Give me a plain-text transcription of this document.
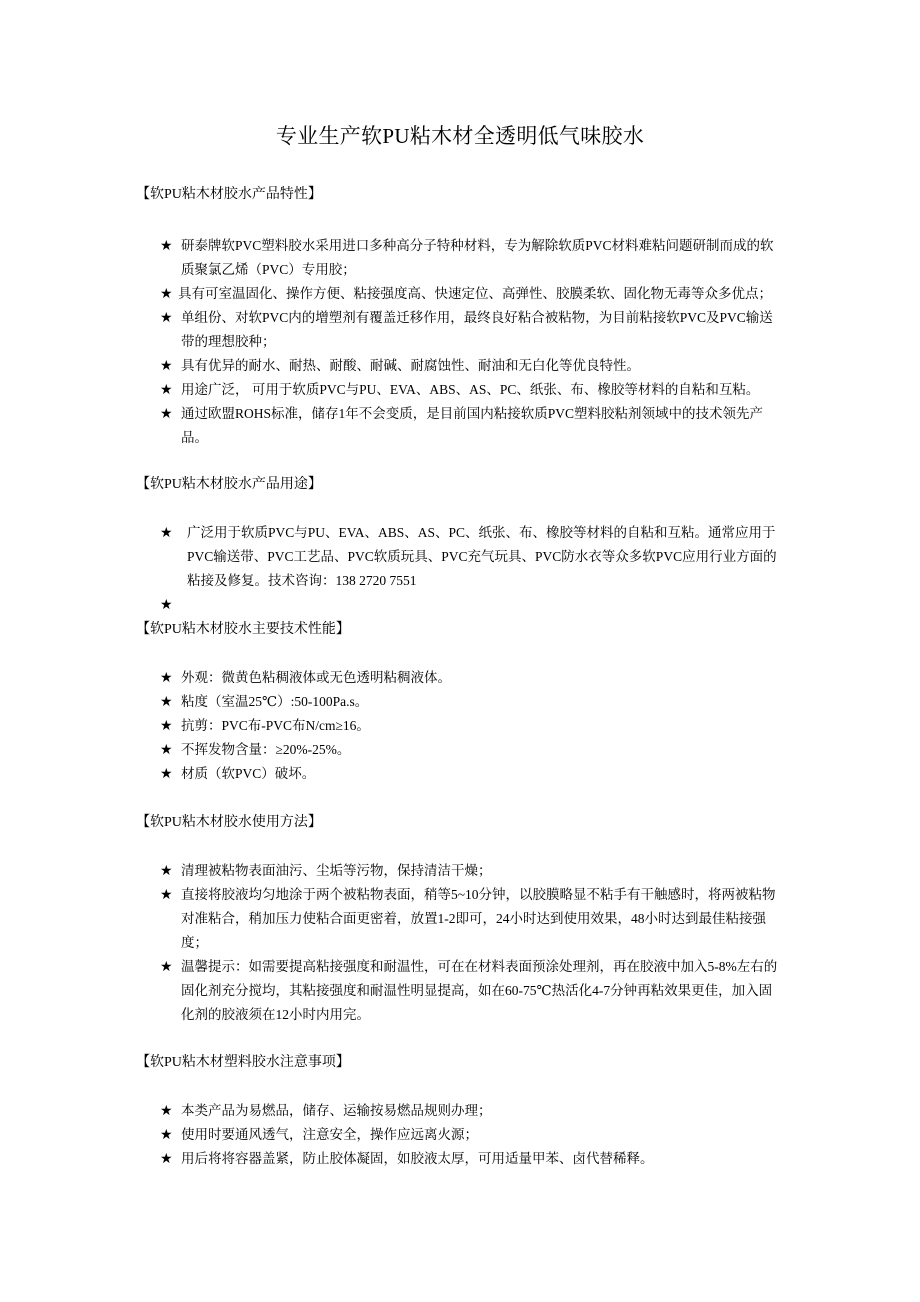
专业生产软PU粘木材全透明低气味胶水
【软PU粘木材胶水产品特性】
★ 研泰牌软PVC塑料胶水采用进口多种高分子特种材料，专为解除软质PVC材料难粘问题研制而成的软质聚氯乙烯（PVC）专用胶；
★ 具有可室温固化、操作方便、粘接强度高、快速定位、高弹性、胶膜柔软、固化物无毒等众多优点；
★ 单组份、对软PVC内的增塑剂有覆盖迁移作用，最终良好粘合被粘物，为目前粘接软PVC及PVC输送带的理想胶种；
★ 具有优异的耐水、耐热、耐酸、耐碱、耐腐蚀性、耐油和无白化等优良特性。
★ 用途广泛， 可用于软质PVC与PU、EVA、ABS、AS、PC、纸张、布、橡胶等材料的自粘和互粘。
★ 通过欧盟ROHS标准，储存1年不会变质，是目前国内粘接软质PVC塑料胶粘剂领域中的技术领先产品。
【软PU粘木材胶水产品用途】
★ 广泛用于软质PVC与PU、EVA、ABS、AS、PC、纸张、布、橡胶等材料的自粘和互粘。通常应用于PVC输送带、PVC工艺品、PVC软质玩具、PVC充气玩具、PVC防水衣等众多软PVC应用行业方面的粘接及修复。技术咨询：138 2720 7551
★
【软PU粘木材胶水主要技术性能】
★ 外观：微黄色粘稠液体或无色透明粘稠液体。
★ 粘度（室温25℃）:50-100Pa.s。
★ 抗剪：PVC布-PVC布N/cm≥16。
★ 不挥发物含量：≥20%-25%。
★ 材质（软PVC）破坏。
【软PU粘木材胶水使用方法】
★ 清理被粘物表面油污、尘垢等污物，保持清洁干燥；
★ 直接将胶液均匀地涂于两个被粘物表面，稍等5~10分钟，以胶膜略显不粘手有干触感时，将两被粘物对准粘合，稍加压力使粘合面更密着，放置1-2即可，24小时达到使用效果，48小时达到最佳粘接强度；
★ 温馨提示：如需要提高粘接强度和耐温性，可在在材料表面预涂处理剂，再在胶液中加入5-8%左右的固化剂充分搅均，其粘接强度和耐温性明显提高，如在60-75℃热活化4-7分钟再粘效果更佳，加入固化剂的胶液须在12小时内用完。
【软PU粘木材塑料胶水注意事项】
★ 本类产品为易燃品，储存、运输按易燃品规则办理；
★ 使用时要通风透气，注意安全，操作应远离火源；
★ 用后将将容器盖紧，防止胶体凝固，如胶液太厚，可用适量甲苯、卤代替稀释。
